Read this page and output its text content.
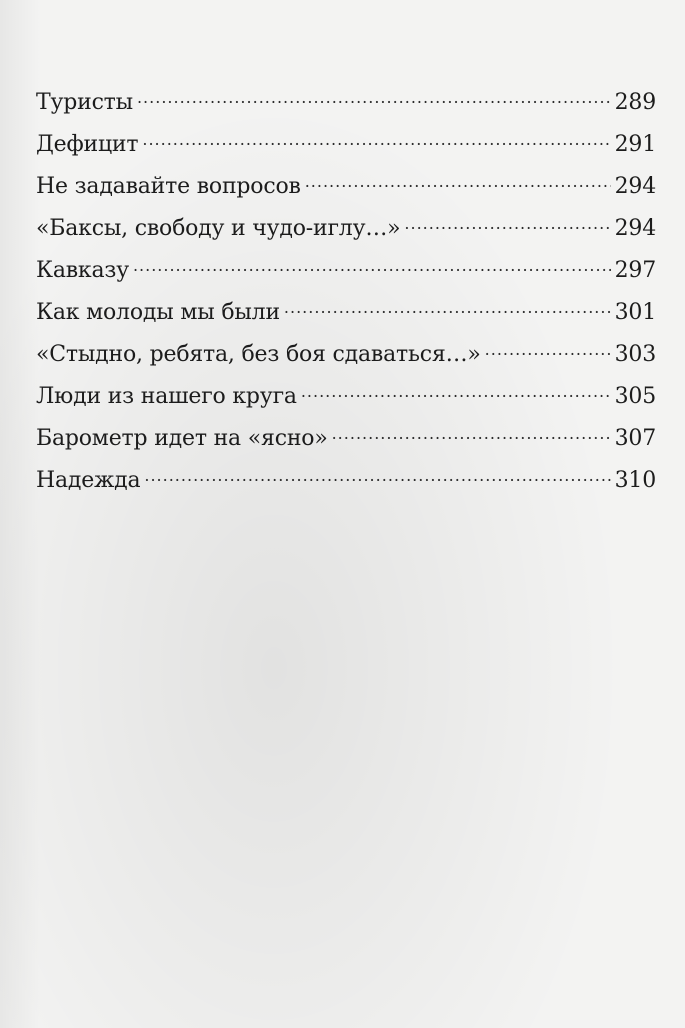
Туристы .....	289
Дефицит .....	291
Не задавайте вопросов .....	294
«Баксы, свободу и чудо-иглу…» .....	294
Кавказу .....	297
Как молоды мы были .....	301
«Стыдно, ребята, без боя сдаваться…» .....	303
Люди из нашего круга .....	305
Барометр идет на «ясно» .....	307
Надежда .....	310
